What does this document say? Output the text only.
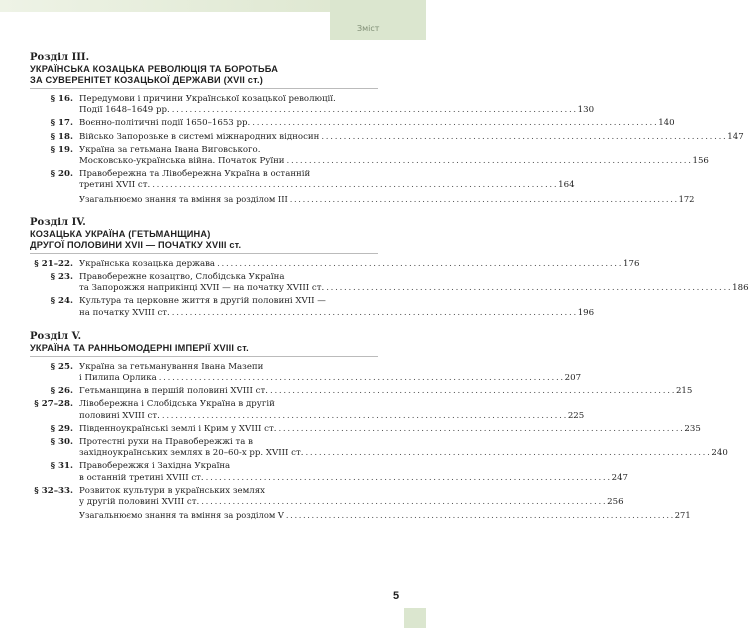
Зміст
Розділ ІІІ.
УКРАЇНСЬКА КОЗАЦЬКА РЕВОЛЮЦІЯ ТА БОРОТЬБА
ЗА СУВЕРЕНІТЕТ КОЗАЦЬКОЇ ДЕРЖАВИ (XVII ст.)
§ 16. Передумови і причини Української козацької революції.
Події 1648–1649 рр. . . .	130
§ 17. Воєнно-політичні події 1650–1653 рр. . . .	140
§ 18. Військо Запорозьке в системі міжнародних відносин . . .	147
§ 19. Україна за гетьмана Івана Виговського.
Московсько-українська війна. Початок Руїни . . .	156
§ 20. Правобережна та Лівобережна Україна в останній
третині XVII ст. . . .	164
Узагальнюємо знання та вміння за розділом ІІІ . . .	172
Розділ IV.
КОЗАЦЬКА УКРАЇНА (ГЕТЬМАНЩИНА)
ДРУГОЇ ПОЛОВИНИ XVII — ПОЧАТКУ XVIII ст.
§ 21–22. Українська козацька держава . . .	176
§ 23. Правобережне козацтво, Слобідська Україна
та Запорожжя наприкінці XVII — на початку XVIII ст. . . .	186
§ 24. Культура та церковне життя в другій половині XVII —
на початку XVIII ст. . . .	196
Розділ V.
УКРАЇНА ТА РАННЬОМОДЕРНІ ІМПЕРІЇ XVIII ст.
§ 25. Україна за гетьманування Івана Мазепи
і Пилипа Орлика . . .	207
§ 26. Гетьманщина в першій половині XVIII ст. . . .	215
§ 27–28. Лівобережна і Слобідська Україна в другій
половині XVIII ст. . . .	225
§ 29. Південноукраїнські землі і Крим у XVIII ст. . . .	235
§ 30. Протестні рухи на Правобережжі та в
західноукраїнських землях в 20–60-х рр. XVIII ст. . . .	240
§ 31. Правобережжя і Західна Україна
в останній третині XVIII ст. . . .	247
§ 32–33. Розвиток культури в українських землях
у другій половині XVIII ст. . . .	256
Узагальнюємо знання та вміння за розділом V . . .	271
5
